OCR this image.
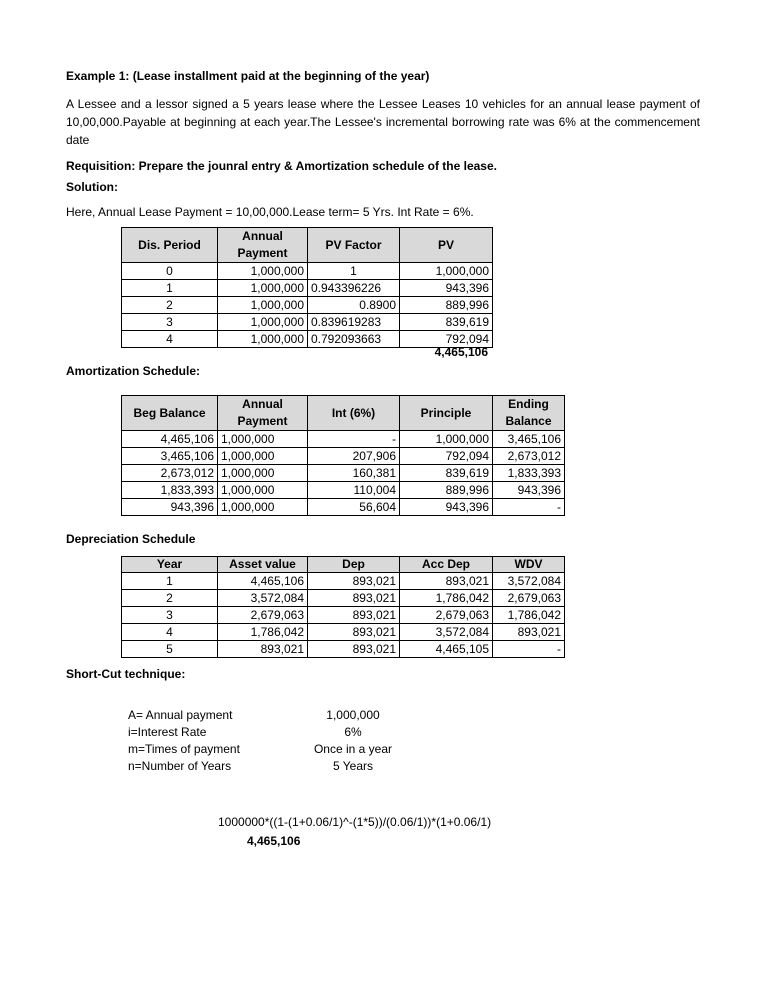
Example 1: (Lease installment paid at the beginning of the year)
A Lessee and a lessor signed a 5 years lease where the Lessee Leases 10 vehicles for an annual lease payment of 10,00,000.Payable at beginning at each year.The Lessee's incremental borrowing rate was 6% at the commencement date
Requisition: Prepare the jounral entry & Amortization schedule of the lease.
Solution:
Here, Annual Lease Payment = 10,00,000.Lease term= 5 Yrs. Int Rate = 6%.
Dis. Period	Annual Payment	PV Factor	PV
0	1,000,000	1	1,000,000
1	1,000,000	0.943396226	943,396
2	1,000,000	0.8900	889,996
3	1,000,000	0.839619283	839,619
4	1,000,000	0.792093663	792,094
4,465,106
Amortization Schedule:
Beg Balance	Annual Payment	Int (6%)	Principle	Ending Balance
4,465,106	1,000,000	-	1,000,000	3,465,106
3,465,106	1,000,000	207,906	792,094	2,673,012
2,673,012	1,000,000	160,381	839,619	1,833,393
1,833,393	1,000,000	110,004	889,996	943,396
943,396	1,000,000	56,604	943,396	-
Depreciation Schedule
Year	Asset value	Dep	Acc Dep	WDV
1	4,465,106	893,021	893,021	3,572,084
2	3,572,084	893,021	1,786,042	2,679,063
3	2,679,063	893,021	2,679,063	1,786,042
4	1,786,042	893,021	3,572,084	893,021
5	893,021	893,021	4,465,105	-
Short-Cut technique:
A= Annual payment	1,000,000
i=Interest Rate	6%
m=Times of payment	Once in a year
n=Number of Years	5 Years
1000000*((1-(1+0.06/1)^-(1*5))/(0.06/1))*(1+0.06/1)
4,465,106
